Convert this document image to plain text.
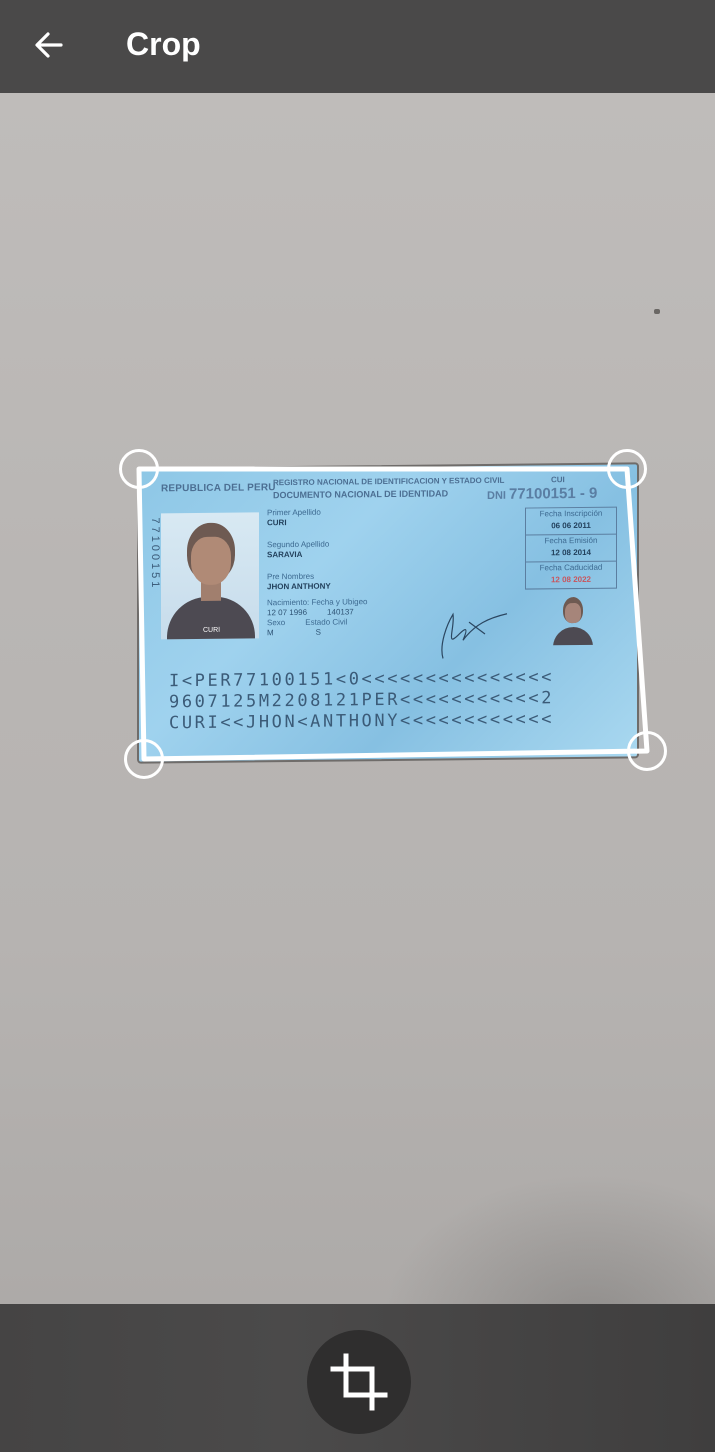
Crop
REPUBLICA DEL PERU
REGISTRO NACIONAL DE IDENTIFICACION Y ESTADO CIVIL
DOCUMENTO NACIONAL DE IDENTIDAD
CUI
DNI 77100151 - 9
77100151
CURI
Primer Apellido
CURI
Segundo Apellido
SARAVIA
Pre Nombres
JHON ANTHONY
Nacimiento: Fecha y Ubigeo
12 07 1996	140137
Sexo	Estado Civil
M	S
Fecha Inscripción
06 06 2011
Fecha Emisión
12 08 2014
Fecha Caducidad
12 08 2022
I<PER77100151<0<<<<<<<<<<<<<<<
9607125M2208121PER<<<<<<<<<<<2
CURI<<JHON<ANTHONY<<<<<<<<<<<<
